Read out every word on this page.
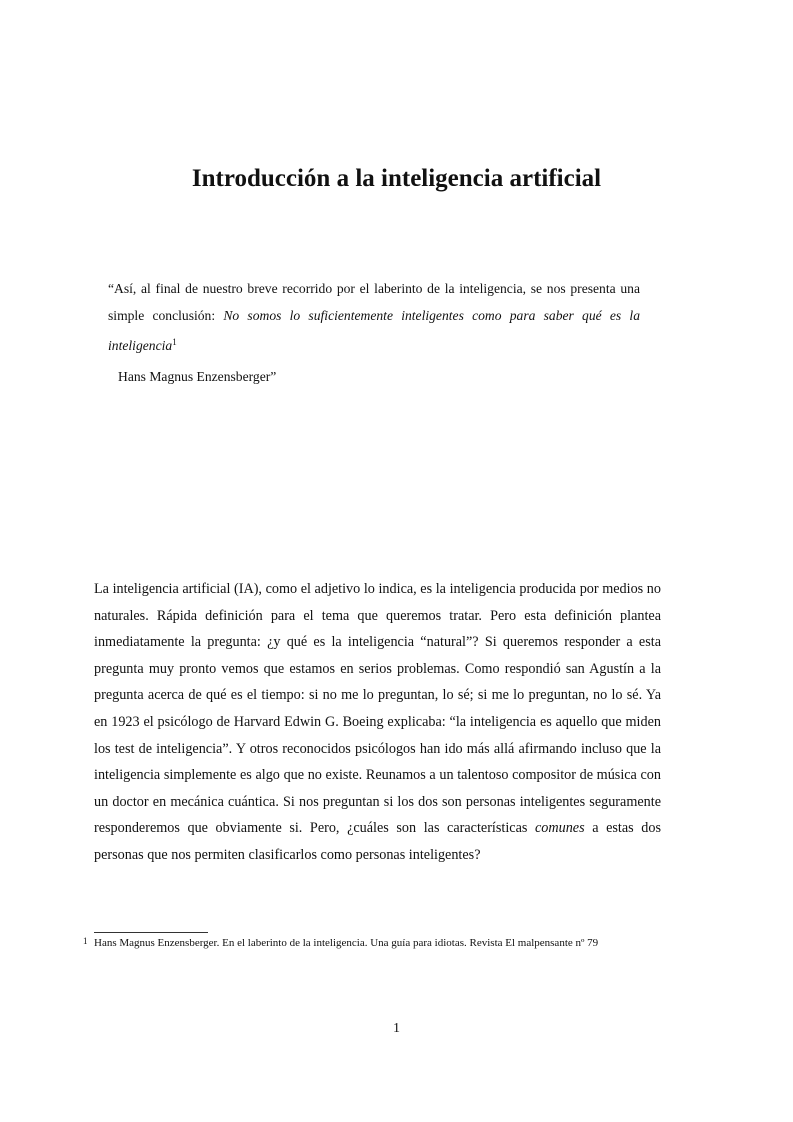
Introducción a la inteligencia artificial
“Así, al final de nuestro breve recorrido por el laberinto de la inteligencia, se nos presenta una simple conclusión: No somos lo suficientemente inteligentes como para saber qué es la inteligencia$^1$
Hans Magnus Enzensberger”

La inteligencia artificial (IA), como el adjetivo lo indica, es la inteligencia producida por medios no naturales. Rápida definición para el tema que queremos tratar. Pero esta definición plantea inmediatamente la pregunta: ¿y qué es la inteligencia “natural”? Si queremos responder a esta pregunta muy pronto vemos que estamos en serios problemas. Como respondió san Agustín a la pregunta acerca de qué es el tiempo: si no me lo preguntan, lo sé; si me lo preguntan, no lo sé. Ya en 1923 el psicólogo de Harvard Edwin G. Boeing explicaba: “la inteligencia es aquello que miden los test de inteligencia”. Y otros reconocidos psicólogos han ido más allá afirmando incluso que la inteligencia simplemente es algo que no existe. Reunamos a un talentoso compositor de música con un doctor en mecánica cuántica. Si nos preguntan si los dos son personas inteligentes seguramente responderemos que obviamente si. Pero, ¿cuáles son las características comunes a estas dos personas que nos permiten clasificarlos como personas inteligentes?

1 Hans Magnus Enzensberger. En el laberinto de la inteligencia. Una guía para idiotas. Revista El malpensante nº 79
1
